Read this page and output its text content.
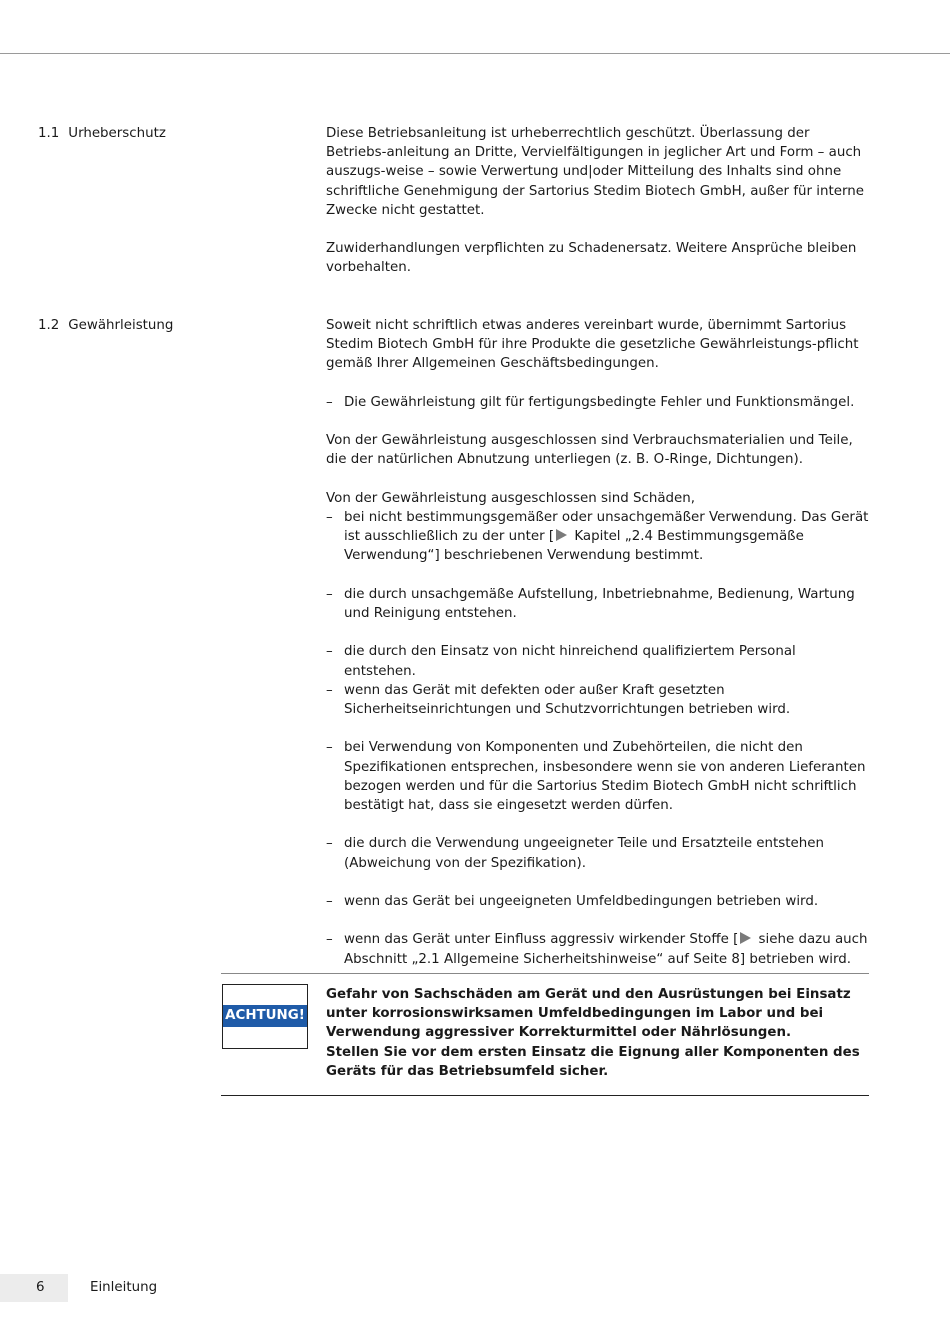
1.1 Urheberschutz	Diese Betriebsanleitung ist urheberrechtlich geschützt. Überlassung der Betriebs-anleitung an Dritte, Vervielfältigungen in jeglicher Art und Form – auch auszugs-weise – sowie Verwertung und|oder Mitteilung des Inhalts sind ohne schriftliche Genehmigung der Sartorius Stedim Biotech GmbH, außer für interne Zwecke nicht gestattet.

Zuwiderhandlungen verpflichten zu Schadenersatz. Weitere Ansprüche bleiben vorbehalten.

1.2 Gewährleistung	Soweit nicht schriftlich etwas anderes vereinbart wurde, übernimmt Sartorius Stedim Biotech GmbH für ihre Produkte die gesetzliche Gewährleistungs-pflicht gemäß Ihrer Allgemeinen Geschäftsbedingungen.

– Die Gewährleistung gilt für fertigungsbedingte Fehler und Funktionsmängel.

Von der Gewährleistung ausgeschlossen sind Verbrauchsmaterialien und Teile, die der natürlichen Abnutzung unterliegen (z. B. O-Ringe, Dichtungen).

Von der Gewährleistung ausgeschlossen sind Schäden,

– bei nicht bestimmungsgemäßer oder unsachgemäßer Verwendung. Das Gerät ist ausschließlich zu der unter [ Kapitel „2.4 Bestimmungsgemäße Verwendung“] beschriebenen Verwendung bestimmt.

– die durch unsachgemäße Aufstellung, Inbetriebnahme, Bedienung, Wartung und Reinigung entstehen.

– die durch den Einsatz von nicht hinreichend qualifiziertem Personal entstehen.

– wenn das Gerät mit defekten oder außer Kraft gesetzten Sicherheitseinrichtungen und Schutzvorrichtungen betrieben wird.

– bei Verwendung von Komponenten und Zubehörteilen, die nicht den Spezifikationen entsprechen, insbesondere wenn sie von anderen Lieferanten bezogen werden und für die Sartorius Stedim Biotech GmbH nicht schriftlich bestätigt hat, dass sie eingesetzt werden dürfen.

– die durch die Verwendung ungeeigneter Teile und Ersatzteile entstehen (Abweichung von der Spezifikation).

– wenn das Gerät bei ungeeigneten Umfeldbedingungen betrieben wird.

– wenn das Gerät unter Einfluss aggressiv wirkender Stoffe [ siehe dazu auch Abschnitt „2.1 Allgemeine Sicherheitshinweise“ auf Seite 8] betrieben wird.

ACHTUNG!

Gefahr von Sachschäden am Gerät und den Ausrüstungen bei Einsatz unter korrosionswirksamen Umfeldbedingungen im Labor und bei Verwendung aggressiver Korrekturmittel oder Nährlösungen.

Stellen Sie vor dem ersten Einsatz die Eignung aller Komponenten des Geräts für das Betriebsumfeld sicher.

6	Einleitung
